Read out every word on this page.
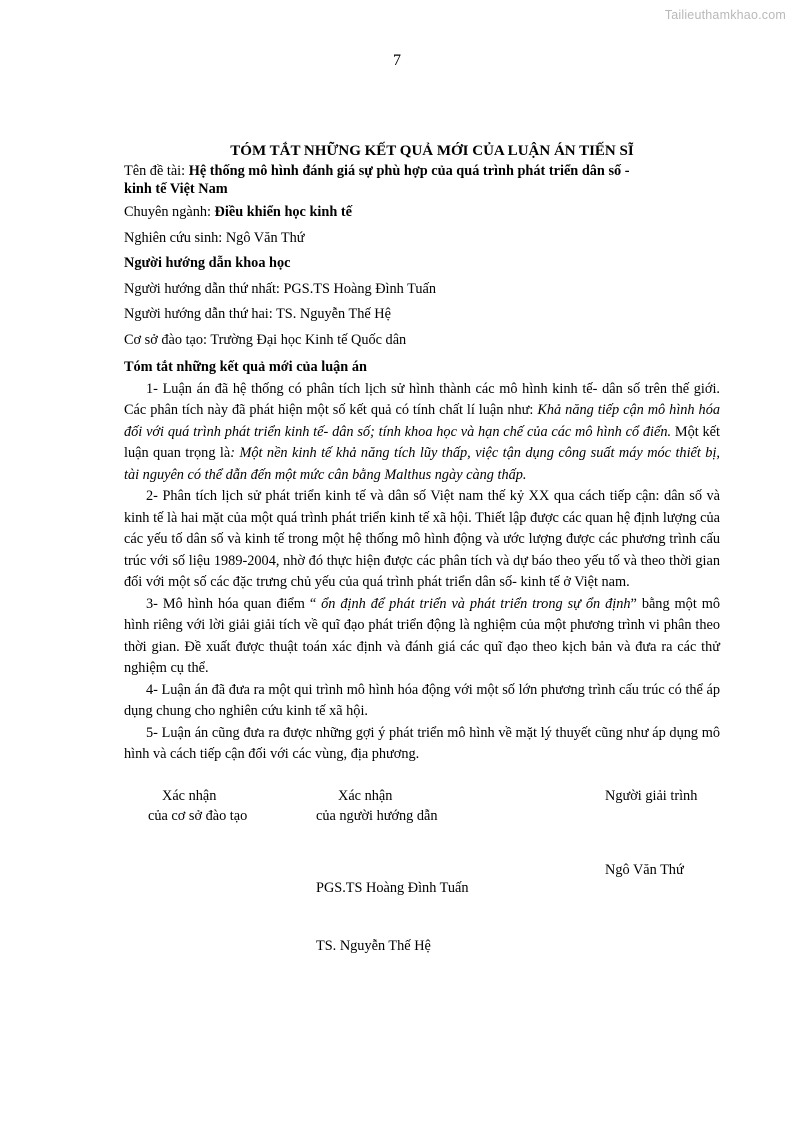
Tailieuthamkhao.com
7
TÓM TẮT NHỮNG KẾT QUẢ MỚI CỦA LUẬN ÁN TIẾN SĨ
Tên đề tài: Hệ thống mô hình đánh giá sự phù hợp của quá trình phát triển dân số -
kinh tế Việt Nam
Chuyên ngành: Điều khiển học kinh tế
Nghiên cứu sinh: Ngô Văn Thứ
Người hướng dẫn khoa học
Người hướng dẫn thứ nhất: PGS.TS Hoàng Đình Tuấn
Người hướng dẫn thứ hai: TS. Nguyễn Thế Hệ
Cơ sở đào tạo: Trường Đại học Kinh tế Quốc dân
Tóm tắt những kết quả mới của luận án
1- Luận án đã hệ thống có phân tích lịch sử hình thành các mô hình kinh tế- dân số trên thế giới. Các phân tích này đã phát hiện một số kết quả có tính chất lí luận như: Khả năng tiếp cận mô hình hóa đối với quá trình phát triển kinh tế- dân số; tính khoa học và hạn chế của các mô hình cổ điển. Một kết luận quan trọng là: Một nền kinh tế khả năng tích lũy thấp, việc tận dụng công suất máy móc thiết bị, tài nguyên có thể dẫn đến một mức cân bằng Malthus ngày càng thấp.
2- Phân tích lịch sử phát triển kinh tế và dân số Việt nam thế kỷ XX qua cách tiếp cận: dân số và kinh tế là hai mặt của một quá trình phát triển kinh tế xã hội. Thiết lập được các quan hệ định lượng của các yếu tố dân số và kinh tế trong một hệ thống mô hình động và ước lượng được các phương trình cấu trúc với số liệu 1989-2004, nhờ đó thực hiện được các phân tích và dự báo theo yếu tố và theo thời gian đối với một số các đặc trưng chủ yếu của quá trình phát triển dân số- kinh tế ở Việt nam.
3- Mô hình hóa quan điểm “ ổn định để phát triển và phát triển trong sự ổn định” bằng một mô hình riêng với lời giải giải tích về quĩ đạo phát triển động là nghiệm của một phương trình vi phân theo thời gian. Đề xuất được thuật toán xác định và đánh giá các quĩ đạo theo kịch bản và đưa ra các thử nghiệm cụ thể.
4- Luận án đã đưa ra một qui trình mô hình hóa động với một số lớn phương trình cấu trúc có thể áp dụng chung cho nghiên cứu kinh tế xã hội.
5- Luận án cũng đưa ra được những gợi ý phát triển mô hình về mặt lý thuyết cũng như áp dụng mô hình và cách tiếp cận đối với các vùng, địa phương.
Xác nhận
của cơ sở đào tạo
Xác nhận
của người hướng dẫn
Người giải trình
Ngô Văn Thứ
PGS.TS Hoàng Đình Tuấn
TS. Nguyễn Thế Hệ
